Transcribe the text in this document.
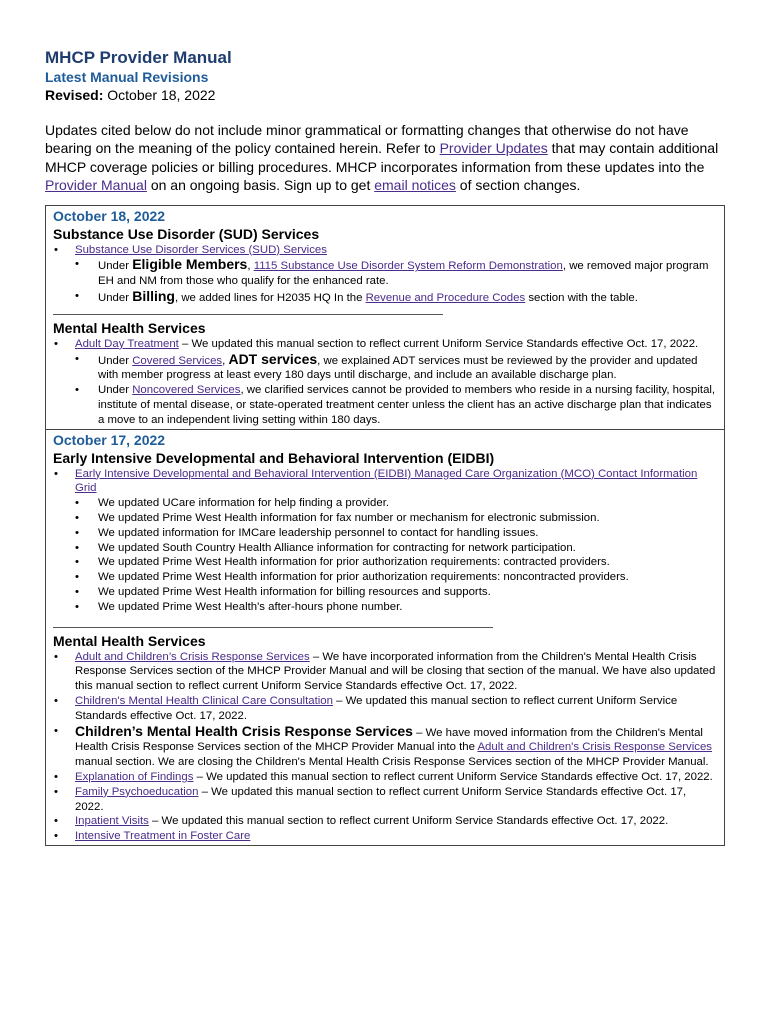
MHCP Provider Manual
Latest Manual Revisions
Revised: October 18, 2022
Updates cited below do not include minor grammatical or formatting changes that otherwise do not have bearing on the meaning of the policy contained herein. Refer to Provider Updates that may contain additional MHCP coverage policies or billing procedures. MHCP incorporates information from these updates into the Provider Manual on an ongoing basis. Sign up to get email notices of section changes.
October 18, 2022
Substance Use Disorder (SUD) Services
• Substance Use Disorder Services (SUD) Services
• Under Eligible Members, 1115 Substance Use Disorder System Reform Demonstration, we removed major program EH and NM from those who qualify for the enhanced rate.
• Under Billing, we added lines for H2035 HQ In the Revenue and Procedure Codes section with the table.
Mental Health Services
• Adult Day Treatment – We updated this manual section to reflect current Uniform Service Standards effective Oct. 17, 2022.
• Under Covered Services, ADT services, we explained ADT services must be reviewed by the provider and updated with member progress at least every 180 days until discharge, and include an available discharge plan.
• Under Noncovered Services, we clarified services cannot be provided to members who reside in a nursing facility, hospital, institute of mental disease, or state-operated treatment center unless the client has an active discharge plan that indicates a move to an independent living setting within 180 days.
October 17, 2022
Early Intensive Developmental and Behavioral Intervention (EIDBI)
• Early Intensive Developmental and Behavioral Intervention (EIDBI) Managed Care Organization (MCO) Contact Information Grid
• We updated UCare information for help finding a provider.
• We updated Prime West Health information for fax number or mechanism for electronic submission.
• We updated information for IMCare leadership personnel to contact for handling issues.
• We updated South Country Health Alliance information for contracting for network participation.
• We updated Prime West Health information for prior authorization requirements: contracted providers.
• We updated Prime West Health information for prior authorization requirements: noncontracted providers.
• We updated Prime West Health information for billing resources and supports.
• We updated Prime West Health's after-hours phone number.
Mental Health Services
• Adult and Children’s Crisis Response Services – We have incorporated information from the Children's Mental Health Crisis Response Services section of the MHCP Provider Manual and will be closing that section of the manual. We have also updated this manual section to reflect current Uniform Service Standards effective Oct. 17, 2022.
• Children's Mental Health Clinical Care Consultation – We updated this manual section to reflect current Uniform Service Standards effective Oct. 17, 2022.
• Children’s Mental Health Crisis Response Services – We have moved information from the Children's Mental Health Crisis Response Services section of the MHCP Provider Manual into the Adult and Children's Crisis Response Services manual section. We are closing the Children's Mental Health Crisis Response Services section of the MHCP Provider Manual.
• Explanation of Findings – We updated this manual section to reflect current Uniform Service Standards effective Oct. 17, 2022.
• Family Psychoeducation – We updated this manual section to reflect current Uniform Service Standards effective Oct. 17, 2022.
• Inpatient Visits – We updated this manual section to reflect current Uniform Service Standards effective Oct. 17, 2022.
• Intensive Treatment in Foster Care
